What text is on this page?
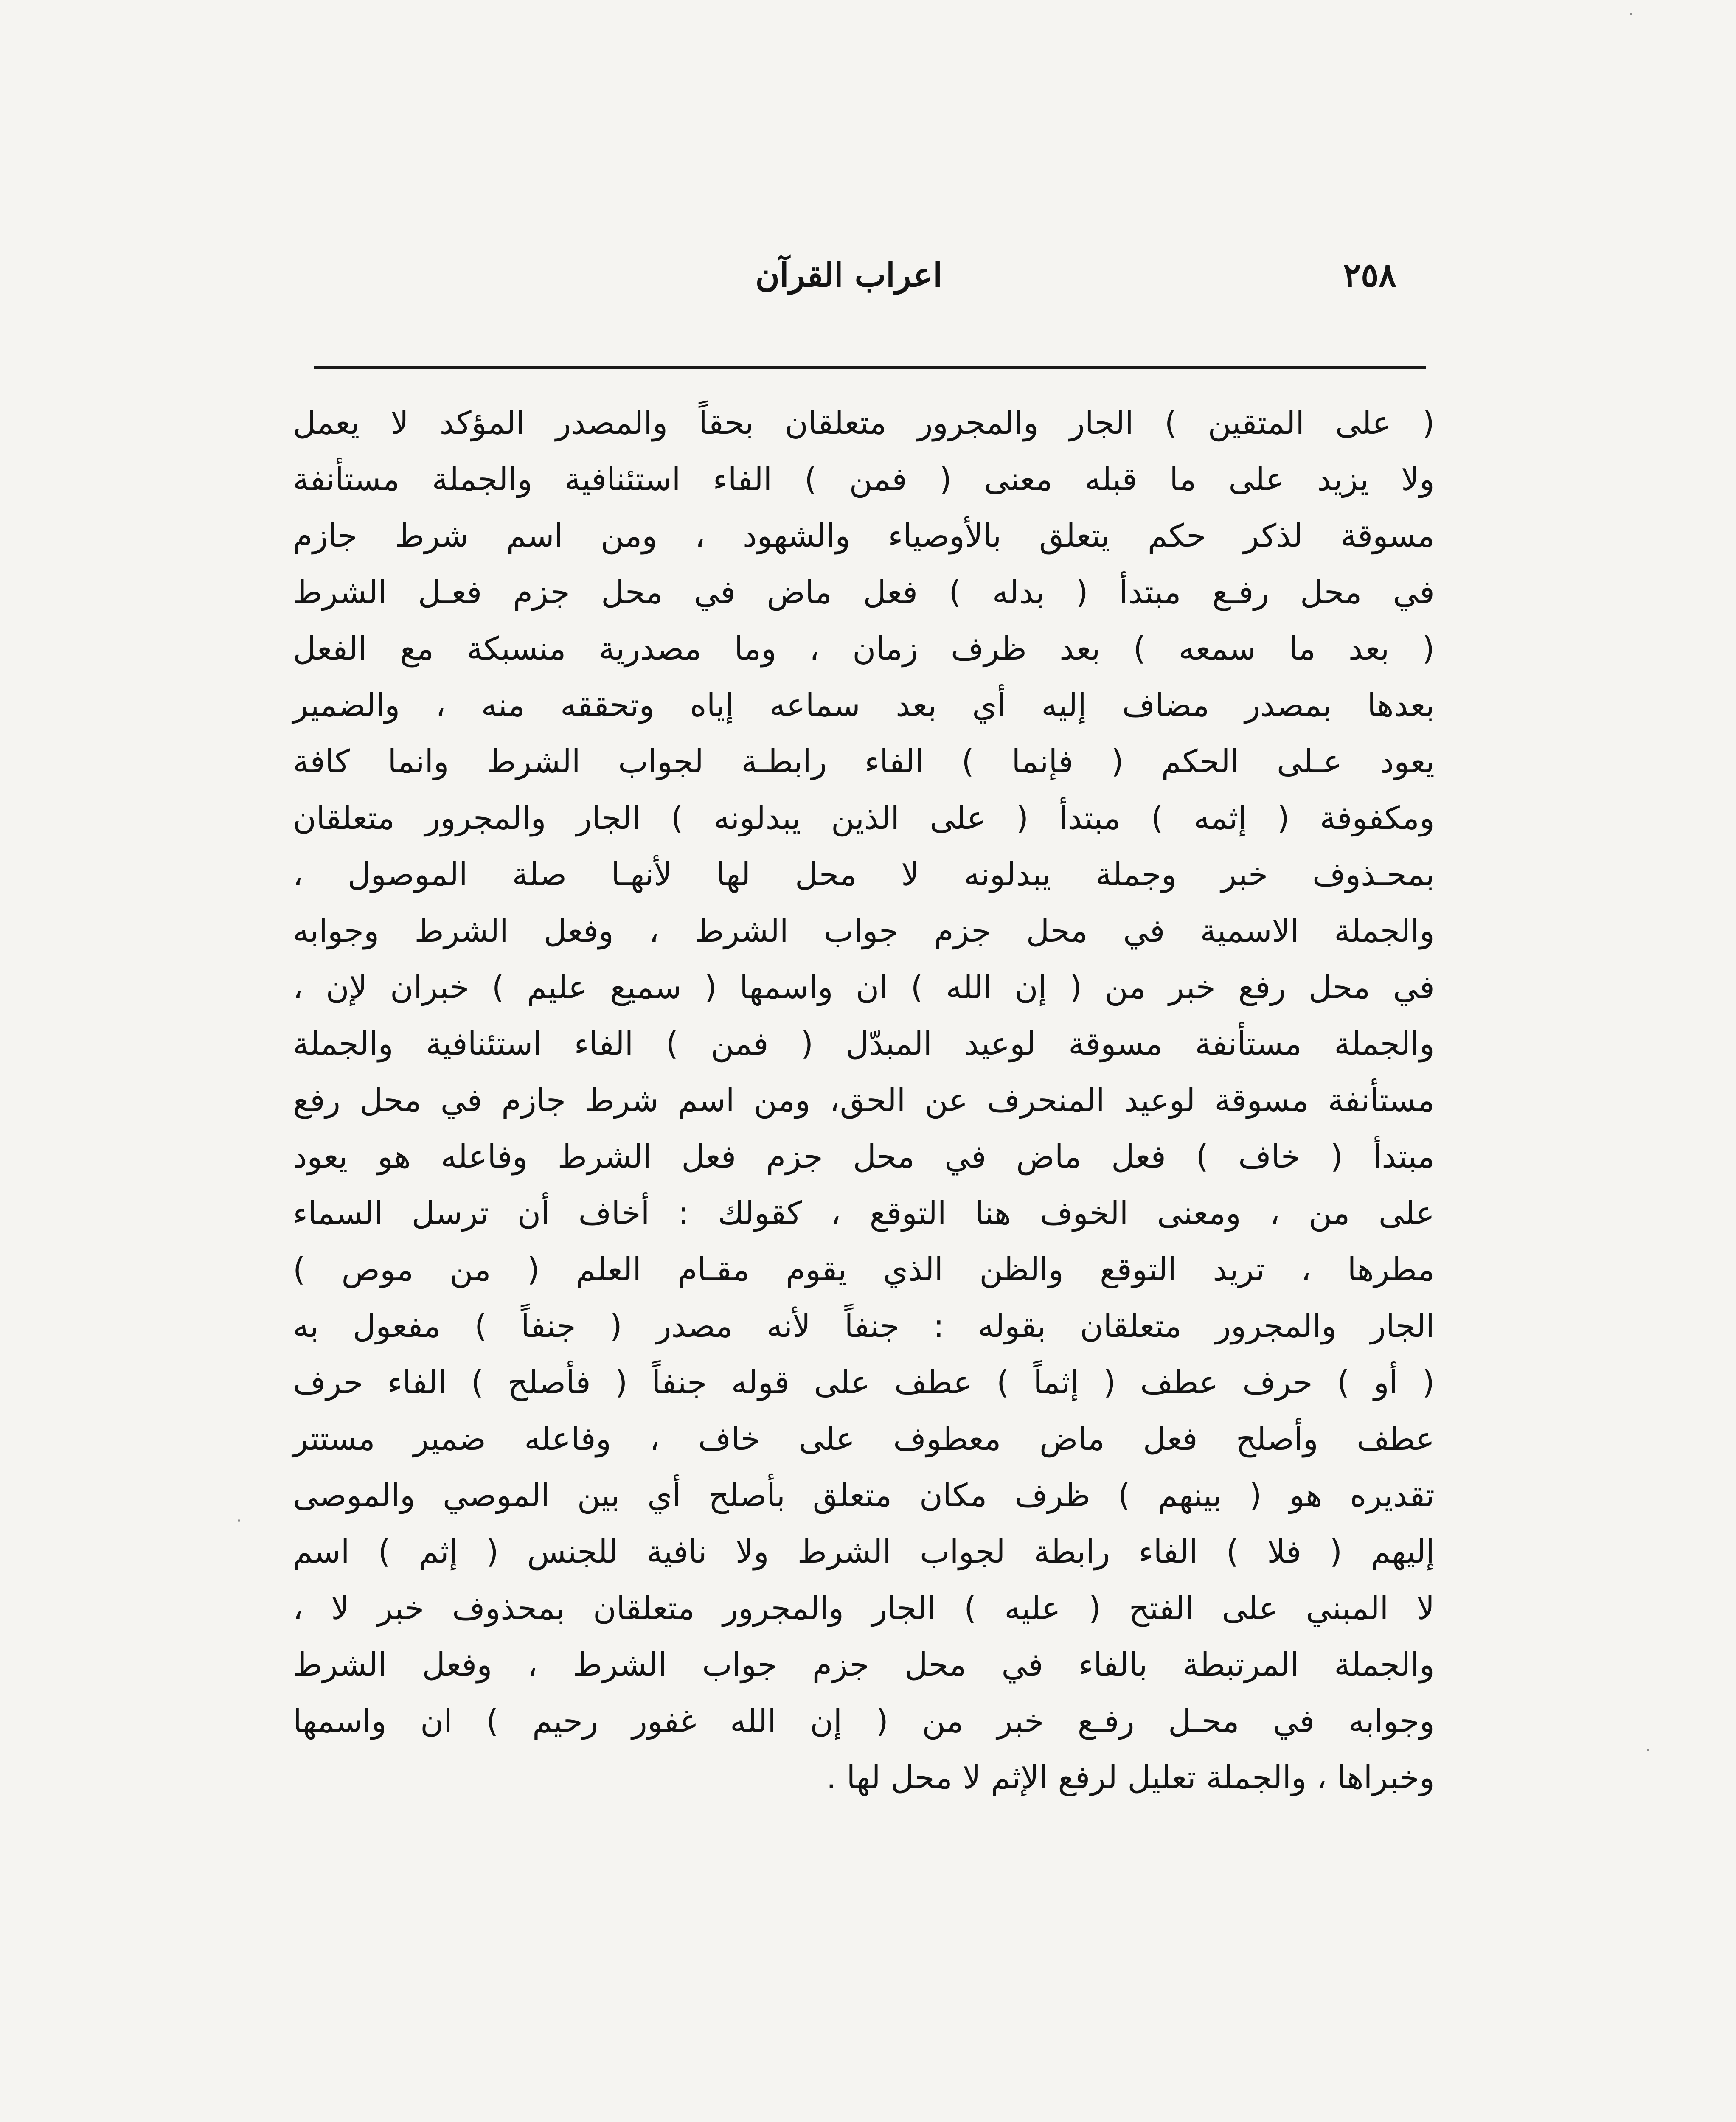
٢٥٨
اعراب القرآن
( على المتقين ) الجار والمجرور متعلقان بحقاً والمصدر المؤكد لا يعمل
ولا يزيد على ما قبله معنى ( فمن ) الفاء استئنافية والجملة مستأنفة
مسوقة لذكر حكم يتعلق بالأوصياء والشهود ، ومن اسم شرط جازم
في محل رفـع مبتدأ ( بدله ) فعل ماض في محل جزم فعـل الشرط
( بعد ما سمعه ) بعد ظرف زمان ، وما مصدرية منسبكة مع الفعل
بعدها بمصدر مضاف إليه أي بعد سماعه إياه وتحققه منه ، والضمير
يعود عـلى الحكم ( فإنما ) الفاء رابطـة لجواب الشرط وانما كافة
ومكفوفة ( إثمه ) مبتدأ ( على الذين يبدلونه ) الجار والمجرور متعلقان
بمحـذوف خبر وجملة يبدلونه لا محل لها لأنهـا صلة الموصول ،
والجملة الاسمية في محل جزم جواب الشرط ، وفعل الشرط وجوابه
في محل رفع خبر من ( إن الله ) ان واسمها ( سميع عليم ) خبران لإن ،
والجملة مستأنفة مسوقة لوعيد المبدّل ( فمن ) الفاء استئنافية والجملة
مستأنفة مسوقة لوعيد المنحرف عن الحق، ومن اسم شرط جازم في محل رفع
مبتدأ ( خاف ) فعل ماض في محل جزم فعل الشرط وفاعله هو يعود
على من ، ومعنى الخوف هنا التوقع ، كقولك : أخاف أن ترسل السماء
مطرها ، تريد التوقع والظن الذي يقوم مقـام العلم ( من موص )
الجار والمجرور متعلقان بقوله : جنفاً لأنه مصدر ( جنفاً ) مفعول به
( أو ) حرف عطف ( إثماً ) عطف على قوله جنفاً ( فأصلح ) الفاء حرف
عطف وأصلح فعل ماض معطوف على خاف ، وفاعله ضمير مستتر
تقديره هو ( بينهم ) ظرف مكان متعلق بأصلح أي بين الموصي والموصى
إليهم ( فلا ) الفاء رابطة لجواب الشرط ولا نافية للجنس ( إثم ) اسم
لا المبني على الفتح ( عليه ) الجار والمجرور متعلقان بمحذوف خبر لا ،
والجملة المرتبطة بالفاء في محل جزم جواب الشرط ، وفعل الشرط
وجوابه في محـل رفـع خبر من ( إن الله غفور رحيم ) ان واسمها
وخبراها ، والجملة تعليل لرفع الإثم لا محل لها .
